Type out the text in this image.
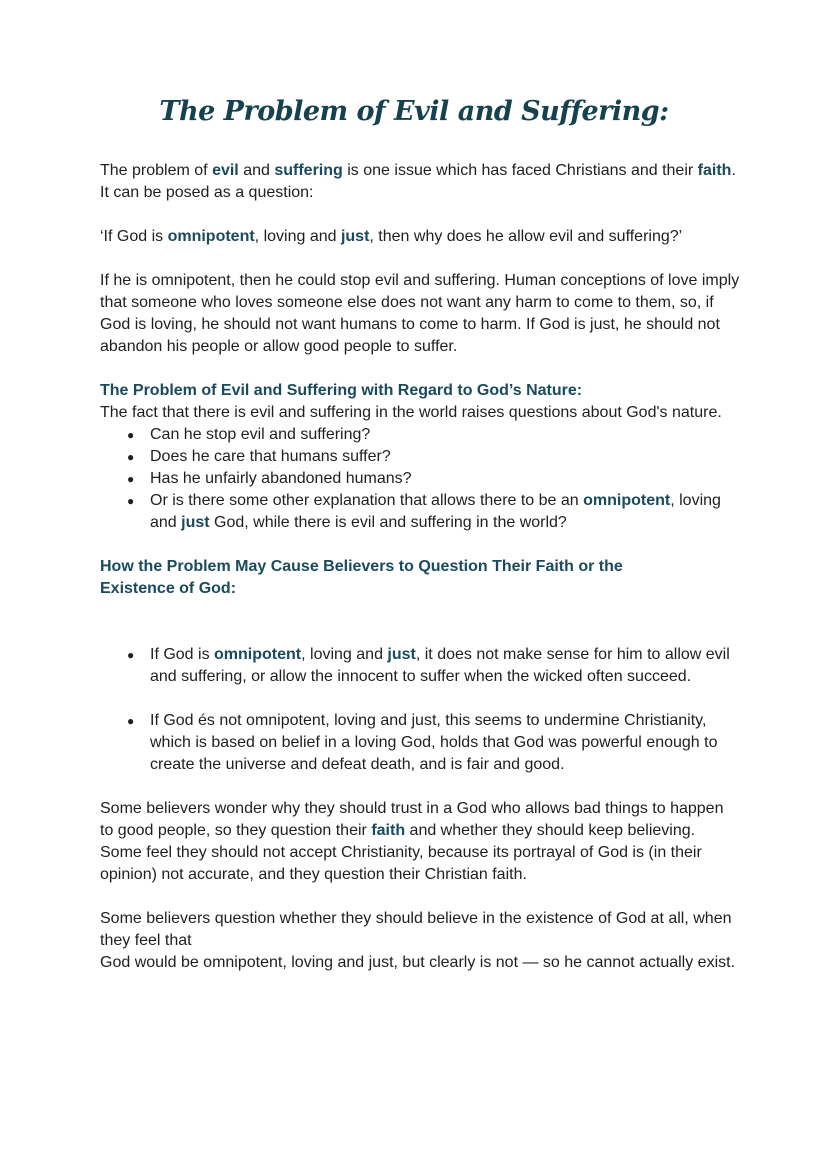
The Problem of Evil and Suffering:

The problem of evil and suffering is one issue which has faced Christians and their faith. It can be posed as a question:

‘If God is omnipotent, loving and just, then why does he allow evil and suffering?’

If he is omnipotent, then he could stop evil and suffering. Human conceptions of love imply that someone who loves someone else does not want any harm to come to them, so, if God is loving, he should not want humans to come to harm. If God is just, he should not abandon his people or allow good people to suffer.

The Problem of Evil and Suffering with Regard to God’s Nature:

The fact that there is evil and suffering in the world raises questions about God's nature.

● Can he stop evil and suffering?
● Does he care that humans suffer?
● Has he unfairly abandoned humans?
● Or is there some other explanation that allows there to be an omnipotent, loving and just God, while there is evil and suffering in the world?

How the Problem May Cause Believers to Question Their Faith or the Existence of God:

● If God is omnipotent, loving and just, it does not make sense for him to allow evil and suffering, or allow the innocent to suffer when the wicked often succeed.
● If God és not omnipotent, loving and just, this seems to undermine Christianity, which is based on belief in a loving God, holds that God was powerful enough to create the universe and defeat death, and is fair and good.

Some believers wonder why they should trust in a God who allows bad things to happen to good people, so they question their faith and whether they should keep believing. Some feel they should not accept Christianity, because its portrayal of God is (in their opinion) not accurate, and they question their Christian faith.

Some believers question whether they should believe in the existence of God at all, when they feel that

God would be omnipotent, loving and just, but clearly is not — so he cannot actually exist.
